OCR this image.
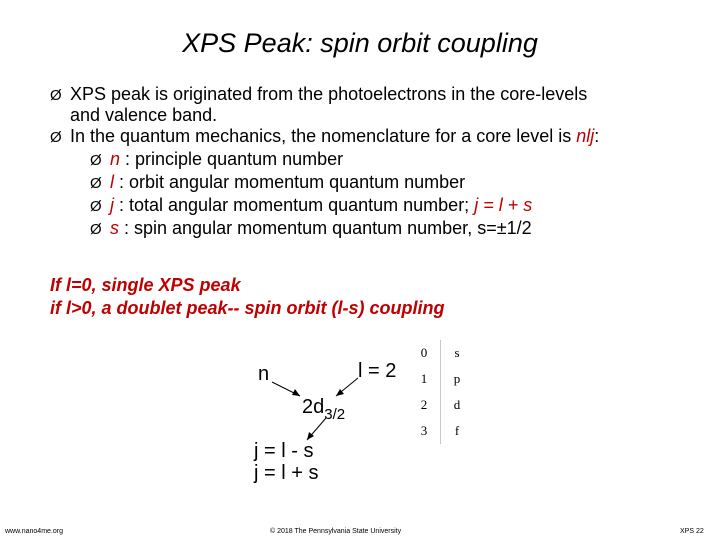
XPS Peak: spin orbit coupling
Ø XPS peak is originated from the photoelectrons in the core-levels
and valence band.
Ø In the quantum mechanics, the nomenclature for a core level is nlj:
Ø n : principle quantum number
Ø l : orbit angular momentum quantum number
Ø j : total angular momentum quantum number; j = l + s
Ø s : spin angular momentum quantum number, s=±1/2
If l=0, single XPS peak
if l>0, a doublet peak-- spin orbit (l-s) coupling
n	l = 2
$2d_{3/2}$
j = l - s
j = l + s
0	s
1	p
2	d
3	f
www.nano4me.org	© 2018 The Pennsylvania State University	XPS 22
